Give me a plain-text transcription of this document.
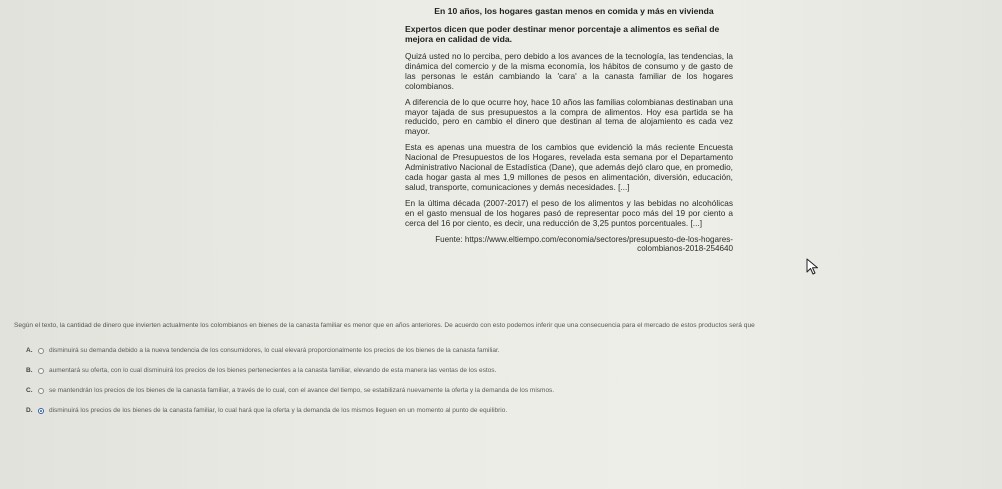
En 10 años, los hogares gastan menos en comida y más en vivienda
Expertos dicen que poder destinar menor porcentaje a alimentos es señal de mejora en calidad de vida.

Quizá usted no lo perciba, pero debido a los avances de la tecnología, las tendencias, la dinámica del comercio y de la misma economía, los hábitos de consumo y de gasto de las personas le están cambiando la 'cara' a la canasta familiar de los hogares colombianos.

A diferencia de lo que ocurre hoy, hace 10 años las familias colombianas destinaban una mayor tajada de sus presupuestos a la compra de alimentos. Hoy esa partida se ha reducido, pero en cambio el dinero que destinan al tema de alojamiento es cada vez mayor.

Esta es apenas una muestra de los cambios que evidenció la más reciente Encuesta Nacional de Presupuestos de los Hogares, revelada esta semana por el Departamento Administrativo Nacional de Estadística (Dane), que además dejó claro que, en promedio, cada hogar gasta al mes 1,9 millones de pesos en alimentación, diversión, educación, salud, transporte, comunicaciones y demás necesidades. [...]

En la última década (2007-2017) el peso de los alimentos y las bebidas no alcohólicas en el gasto mensual de los hogares pasó de representar poco más del 19 por ciento a cerca del 16 por ciento, es decir, una reducción de 3,25 puntos porcentuales. [...]

Fuente: https://www.eltiempo.com/economia/sectores/presupuesto-de-los-hogares-colombianos-2018-254640

Según el texto, la cantidad de dinero que invierten actualmente los colombianos en bienes de la canasta familiar es menor que en años anteriores. De acuerdo con esto podemos inferir que una consecuencia para el mercado de estos productos será que
A.	disminuirá su demanda debido a la nueva tendencia de los consumidores, lo cual elevará proporcionalmente los precios de los bienes de la canasta familiar.
B.	aumentará su oferta, con lo cual disminuirá los precios de los bienes pertenecientes a la canasta familiar, elevando de esta manera las ventas de los estos.
C.	se mantendrán los precios de los bienes de la canasta familiar, a través de lo cual, con el avance del tiempo, se estabilizará nuevamente la oferta y la demanda de los mismos.
D.	disminuirá los precios de los bienes de la canasta familiar, lo cual hará que la oferta y la demanda de los mismos lleguen en un momento al punto de equilibrio.
